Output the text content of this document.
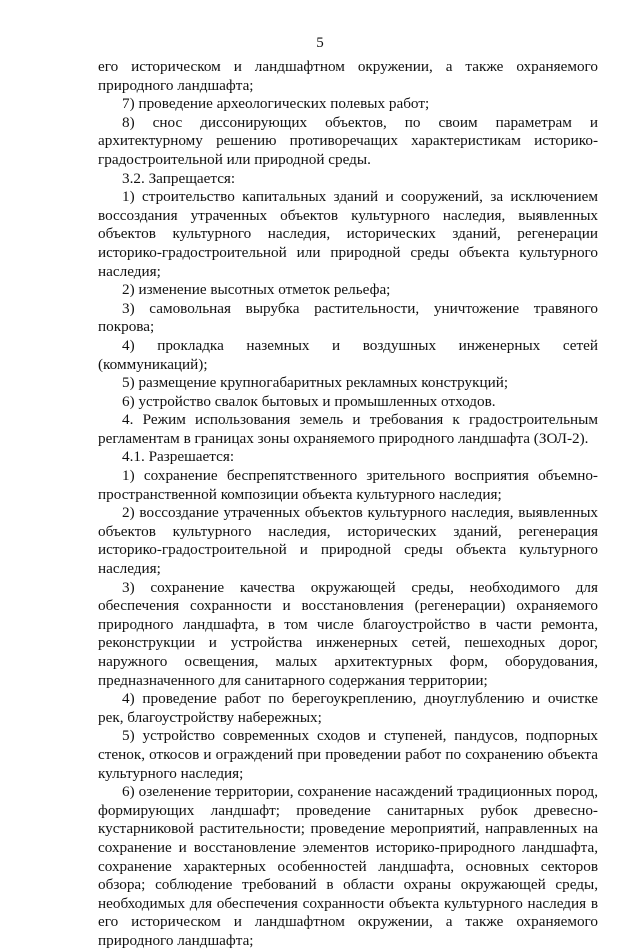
5

его историческом и ландшафтном окружении, а также охраняемого природного ландшафта;

7) проведение археологических полевых работ;

8) снос диссонирующих объектов, по своим параметрам и архитектурному решению противоречащих характеристикам историко-градостроительной или природной среды.

3.2. Запрещается:

1) строительство капитальных зданий и сооружений, за исключением воссоздания утраченных объектов культурного наследия, выявленных объектов культурного наследия, исторических зданий, регенерации историко-градостроительной или природной среды объекта культурного наследия;

2) изменение высотных отметок рельефа;

3) самовольная вырубка растительности, уничтожение травяного покрова;

4) прокладка наземных и воздушных инженерных сетей (коммуникаций);

5) размещение крупногабаритных рекламных конструкций;

6) устройство свалок бытовых и промышленных отходов.

4. Режим использования земель и требования к градостроительным регламентам в границах зоны охраняемого природного ландшафта (ЗОЛ-2).

4.1. Разрешается:

1) сохранение беспрепятственного зрительного восприятия объемно-пространственной композиции объекта культурного наследия;

2) воссоздание утраченных объектов культурного наследия, выявленных объектов культурного наследия, исторических зданий, регенерация историко-градостроительной и природной среды объекта культурного наследия;

3) сохранение качества окружающей среды, необходимого для обеспечения сохранности и восстановления (регенерации) охраняемого природного ландшафта, в том числе благоустройство в части ремонта, реконструкции и устройства инженерных сетей, пешеходных дорог, наружного освещения, малых архитектурных форм, оборудования, предназначенного для санитарного содержания территории;

4) проведение работ по берегоукреплению, дноуглублению и очистке рек, благоустройству набережных;

5) устройство современных сходов и ступеней, пандусов, подпорных стенок, откосов и ограждений при проведении работ по сохранению объекта культурного наследия;

6) озеленение территории, сохранение насаждений традиционных пород, формирующих ландшафт; проведение санитарных рубок древесно-кустарниковой растительности; проведение мероприятий, направленных на сохранение и восстановление элементов историко-природного ландшафта, сохранение характерных особенностей ландшафта, основных секторов обзора; соблюдение требований в области охраны окружающей среды, необходимых для обеспечения сохранности объекта культурного наследия в его историческом и ландшафтном окружении, а также охраняемого природного ландшафта;
